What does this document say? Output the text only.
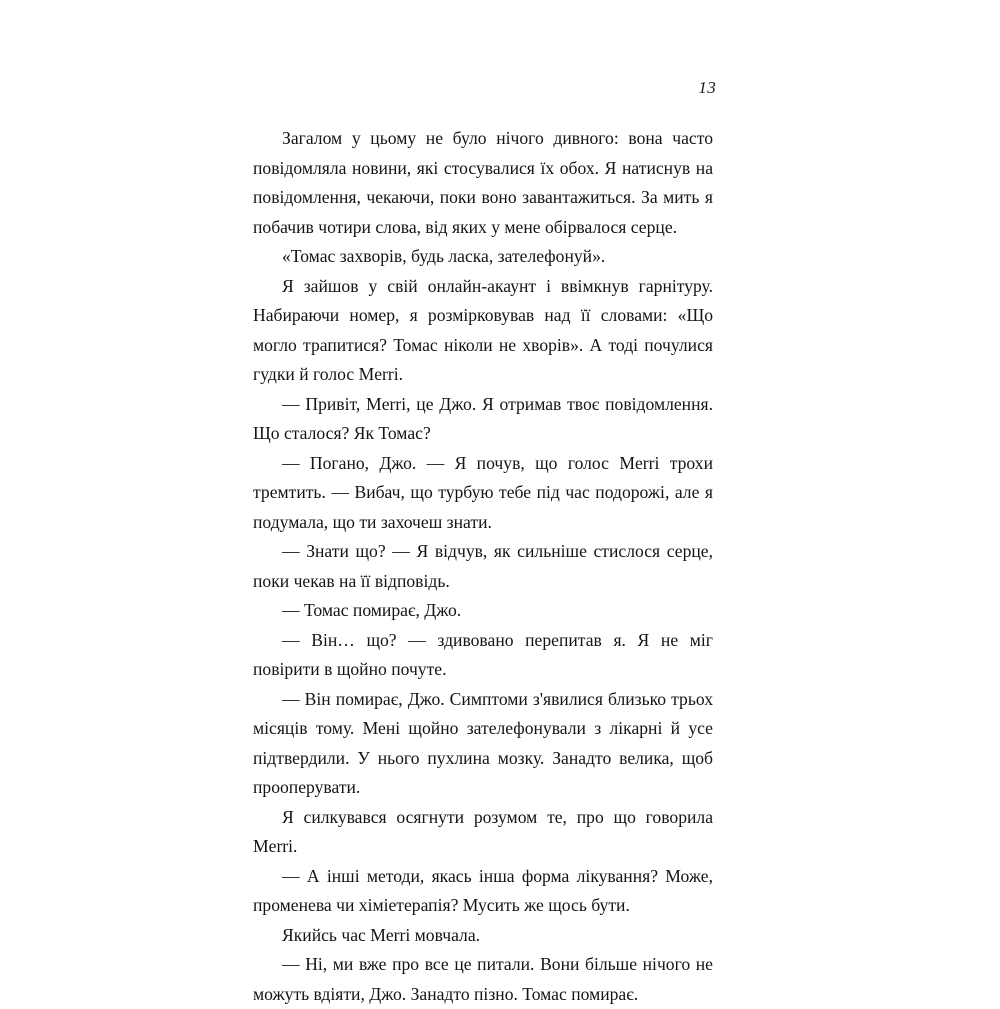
13

Загалом у цьому не було нічого дивного: вона часто повідомляла новини, які стосувалися їх обох. Я натиснув на повідомлення, чекаючи, поки воно завантажиться. За мить я побачив чотири слова, від яких у мене обірвалося серце.

«Томас захворів, будь ласка, зателефонуй».

Я зайшов у свій онлайн-акаунт і ввімкнув гарнітуру. Набираючи номер, я розмірковував над її словами: «Що могло трапитися? Томас ніколи не хворів». А тоді почулися гудки й голос Merri.

— Привіт, Merri, це Джо. Я отримав твоє повідомлення. Що сталося? Як Томас?

— Погано, Джо. — Я почув, що голос Merri трохи тремтить. — Вибач, що турбую тебе під час подорожі, але я подумала, що ти захочеш знати.

— Знати що? — Я відчув, як сильніше стислося серце, поки чекав на її відповідь.

— Томас помирає, Джо.

— Він… що? — здивовано перепитав я. Я не міг повірити в щойно почуте.

— Він помирає, Джо. Симптоми з'явилися близько трьох місяців тому. Мені щойно зателефонували з лікарні й усе підтвердили. У нього пухлина мозку. Занадто велика, щоб прооперувати.

Я силкувався осягнути розумом те, про що говорила Merri.

— А інші методи, якась інша форма лікування? Може, променева чи хіміетерапія? Мусить же щось бути.

Якийсь час Merri мовчала.

— Ні, ми вже про все це питали. Вони більше нічого не можуть вдіяти, Джо. Занадто пізно. Томас помирає.
